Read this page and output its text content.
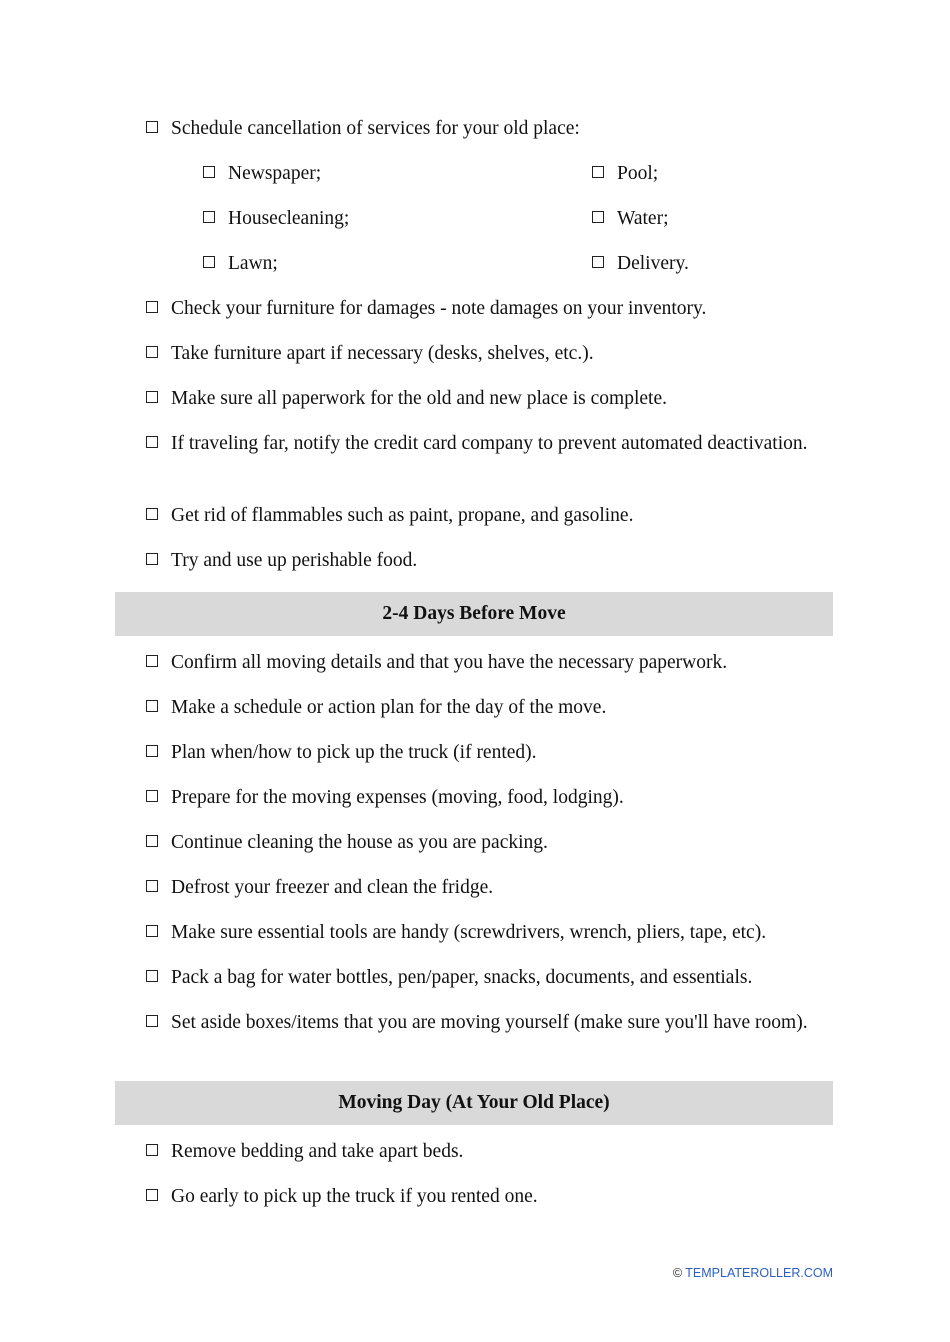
Schedule cancellation of services for your old place:
Newspaper;	Pool;
Housecleaning;	Water;
Lawn;	Delivery.
Check your furniture for damages - note damages on your inventory.
Take furniture apart if necessary (desks, shelves, etc.).
Make sure all paperwork for the old and new place is complete.
If traveling far, notify the credit card company to prevent automated deactivation.
Get rid of flammables such as paint, propane, and gasoline.
Try and use up perishable food.
2-4 Days Before Move
Confirm all moving details and that you have the necessary paperwork.
Make a schedule or action plan for the day of the move.
Plan when/how to pick up the truck (if rented).
Prepare for the moving expenses (moving, food, lodging).
Continue cleaning the house as you are packing.
Defrost your freezer and clean the fridge.
Make sure essential tools are handy (screwdrivers, wrench, pliers, tape, etc).
Pack a bag for water bottles, pen/paper, snacks, documents, and essentials.
Set aside boxes/items that you are moving yourself (make sure you'll have room).
Moving Day (At Your Old Place)
Remove bedding and take apart beds.
Go early to pick up the truck if you rented one.
© TEMPLATEROLLER.COM
